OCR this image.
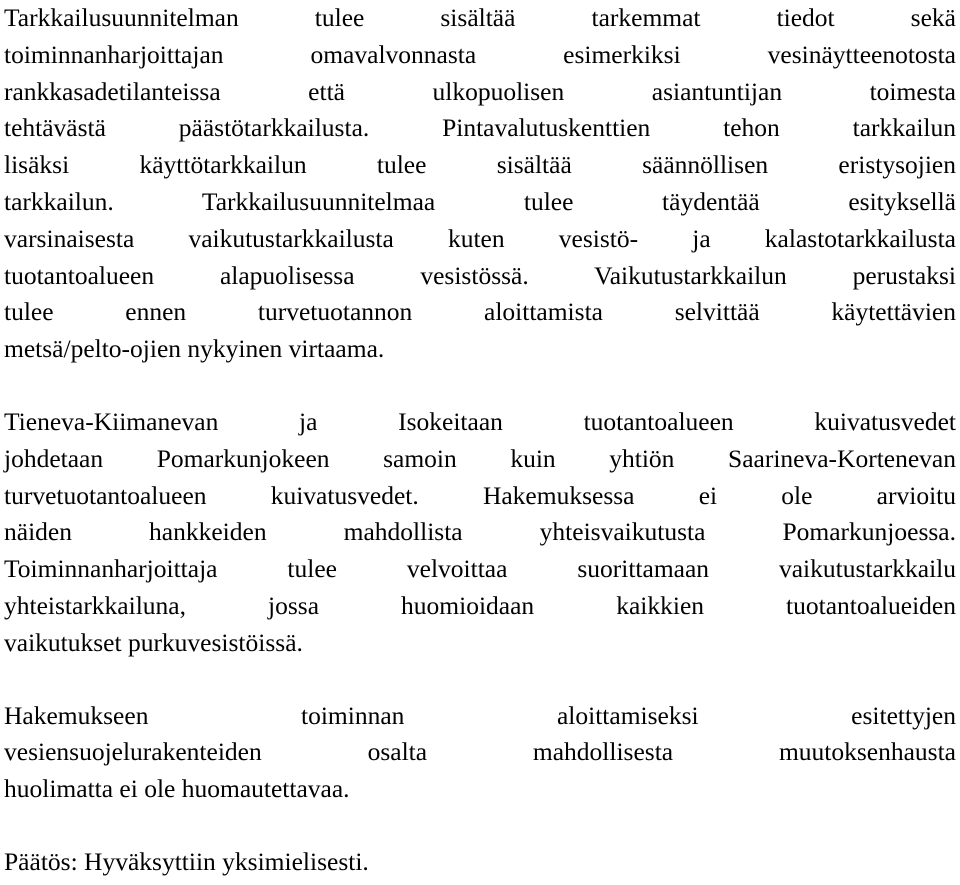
Tarkkailusuunnitelman tulee sisältää tarkemmat tiedot sekä
toiminnanharjoittajan omavalvonnasta esimerkiksi vesinäytteenotosta
rankkasadetilanteissa että ulkopuolisen asiantuntijan toimesta
tehtävästä päästötarkkailusta. Pintavalutuskenttien tehon tarkkailun
lisäksi käyttötarkkailun tulee sisältää säännöllisen eristysojien
tarkkailun. Tarkkailusuunnitelmaa tulee täydentää esityksellä
varsinaisesta vaikutustarkkailusta kuten vesistö- ja kalastotarkkailusta
tuotantoalueen alapuolisessa vesistössä. Vaikutustarkkailun perustaksi
tulee ennen turvetuotannon aloittamista selvittää käytettävien
metsä/pelto-ojien nykyinen virtaama.
Tieneva-Kiimanevan ja Isokeitaan tuotantoalueen kuivatusvedet
johdetaan Pomarkunjokeen samoin kuin yhtiön Saarineva-Kortenevan
turvetuotantoalueen kuivatusvedet. Hakemuksessa ei ole arvioitu
näiden hankkeiden mahdollista yhteisvaikutusta Pomarkunjoessa.
Toiminnanharjoittaja tulee velvoittaa suorittamaan vaikutustarkkailu
yhteistarkkailuna, jossa huomioidaan kaikkien tuotantoalueiden
vaikutukset purkuvesistöissä.
Hakemukseen toiminnan aloittamiseksi esitettyjen
vesiensuojelurakenteiden osalta mahdollisesta muutoksenhausta
huolimatta ei ole huomautettavaa.
Päätös: Hyväksyttiin yksimielisesti.
